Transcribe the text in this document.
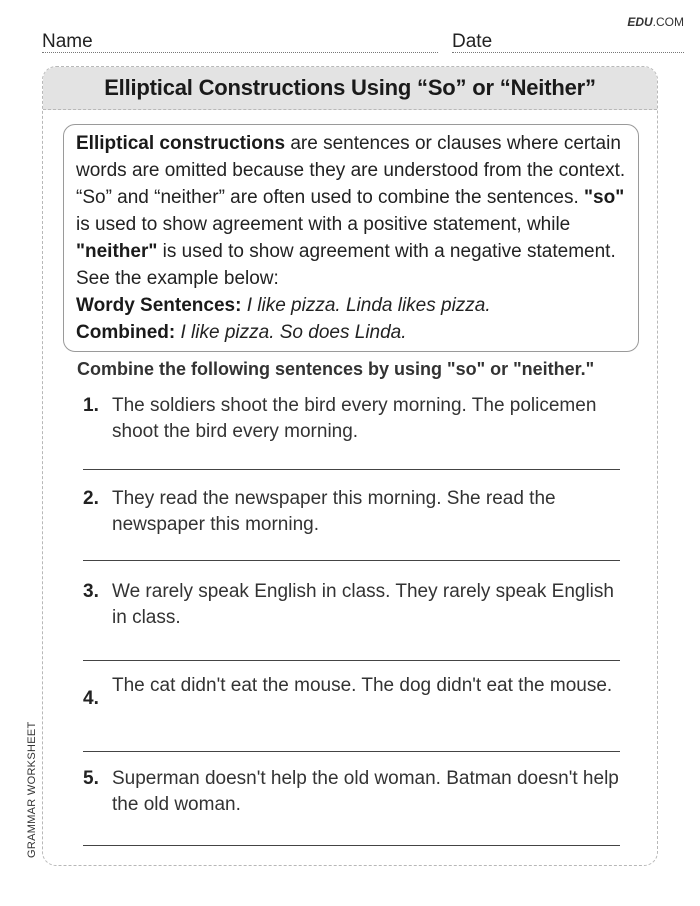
EDU.COM
Name	Date
Elliptical Constructions Using “So” or “Neither”

Elliptical constructions are sentences or clauses where certain words are omitted because they are understood from the context. “So” and “neither” are often used to combine the sentences. "so" is used to show agreement with a positive statement, while "neither" is used to show agreement with a negative statement. See the example below:

Wordy Sentences: I like pizza. Linda likes pizza.

Combined: I like pizza. So does Linda.

Combine the following sentences by using "so" or "neither."
1. The soldiers shoot the bird every morning. The policemen shoot the bird every morning.
2. They read the newspaper this morning. She read the newspaper this morning.
3. We rarely speak English in class. They rarely speak English in class.
4.
The cat didn't eat the mouse. The dog didn't eat the mouse.
5. Superman doesn't help the old woman. Batman doesn't help the old woman.
GRAMMAR WORKSHEET
